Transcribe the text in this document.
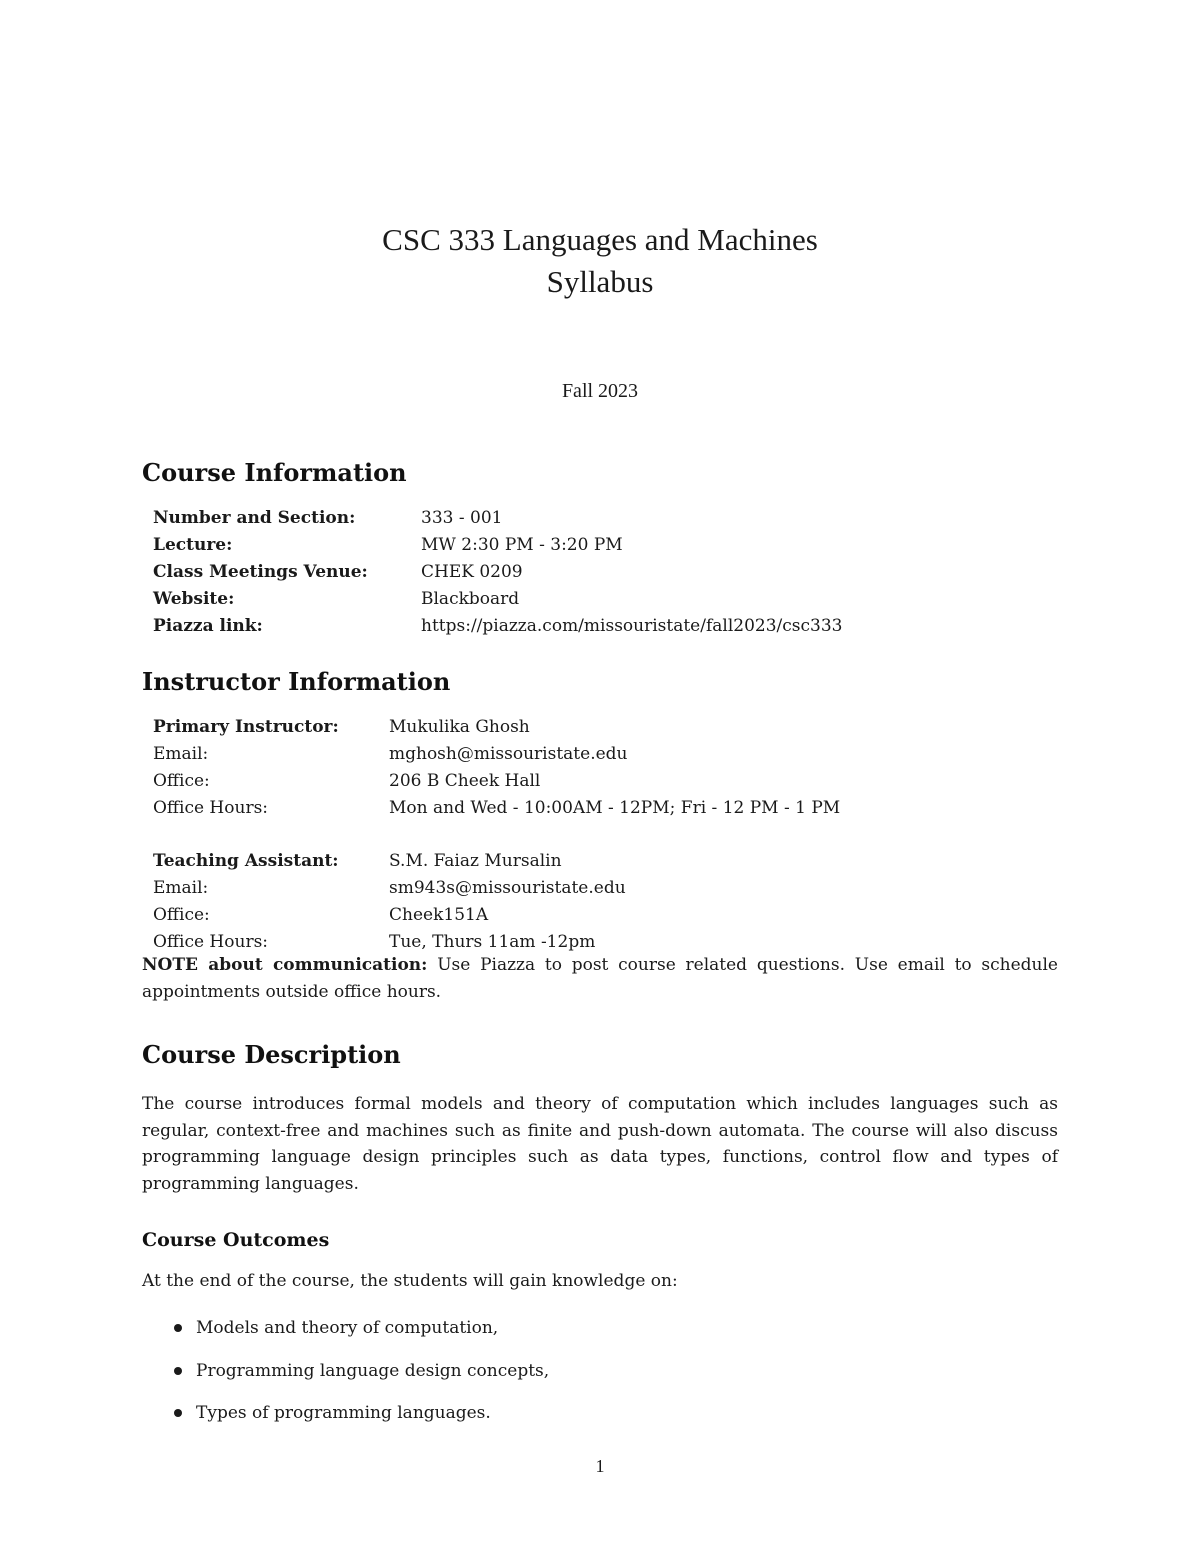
CSC 333 Languages and Machines
Syllabus
Fall 2023
Course Information
Number and Section:	333 - 001
Lecture:	MW 2:30 PM - 3:20 PM
Class Meetings Venue:	CHEK 0209
Website:	Blackboard
Piazza link:	https://piazza.com/missouristate/fall2023/csc333
Instructor Information
Primary Instructor:	Mukulika Ghosh
Email:	mghosh@missouristate.edu
Office:	206 B Cheek Hall
Office Hours:	Mon and Wed - 10:00AM - 12PM; Fri - 12 PM - 1 PM
Teaching Assistant:	S.M. Faiaz Mursalin
Email:	sm943s@missouristate.edu
Office:	Cheek151A
Office Hours:	Tue, Thurs 11am -12pm

NOTE about communication: Use Piazza to post course related questions. Use email to schedule appointments outside office hours.

Course Description

The course introduces formal models and theory of computation which includes languages such as regular, context-free and machines such as finite and push-down automata. The course will also discuss programming language design principles such as data types, functions, control flow and types of programming languages.

Course Outcomes

At the end of the course, the students will gain knowledge on:

Models and theory of computation,
Programming language design concepts,
Types of programming languages.
1
